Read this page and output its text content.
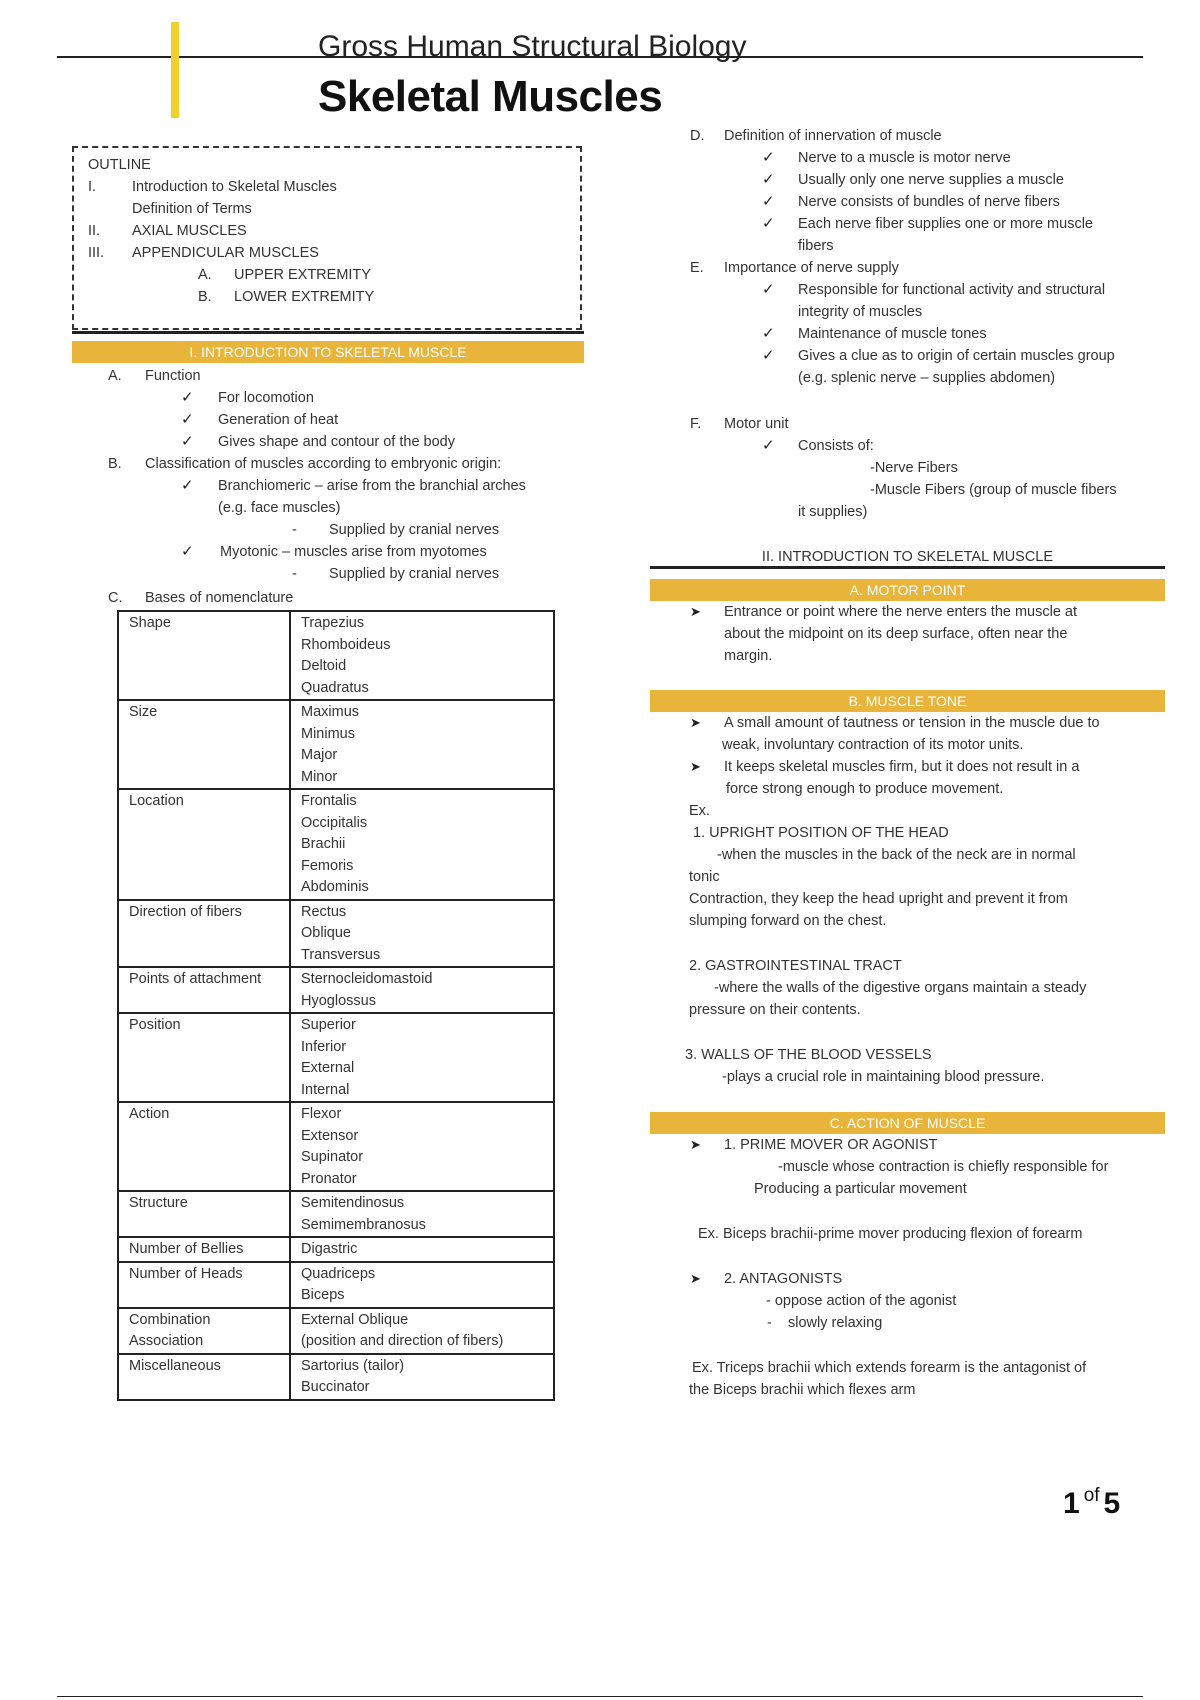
Gross Human Structural Biology
Skeletal Muscles
OUTLINE
I. Introduction to Skeletal Muscles
Definition of Terms
II. AXIAL MUSCLES
III. APPENDICULAR MUSCLES
A. UPPER EXTREMITY
B. LOWER EXTREMITY
I. INTRODUCTION TO SKELETAL MUSCLE
A. Function
✓ For locomotion
✓ Generation of heat
✓ Gives shape and contour of the body
B. Classification of muscles according to embryonic origin:
✓ Branchiomeric – arise from the branchial arches
(e.g. face muscles)
- Supplied by cranial nerves
✓ Myotonic – muscles arise from myotomes
- Supplied by cranial nerves
C. Bases of nomenclature
Shape	Trapezius
Rhomboideus
Deltoid
Quadratus

Size	Maximus
Minimus
Major
Minor

Location	Frontalis
Occipitalis
Brachii
Femoris
Abdominis

Direction of fibers	Rectus
Oblique
Transversus

Points of attachment	Sternocleidomastoid
Hyoglossus

Position	Superior
Inferior
External
Internal

Action	Flexor
Extensor
Supinator
Pronator

Structure	Semitendinosus
Semimembranosus

Number of Bellies	Digastric

Number of Heads	Quadriceps
Biceps

Combination Association	External Oblique
(position and direction of fibers)

Miscellaneous	Sartorius (tailor)
Buccinator
D. Definition of innervation of muscle
✓ Nerve to a muscle is motor nerve
✓ Usually only one nerve supplies a muscle
✓ Nerve consists of bundles of nerve fibers
✓ Each nerve fiber supplies one or more muscle
fibers
E. Importance of nerve supply
✓ Responsible for functional activity and structural
integrity of muscles
✓ Maintenance of muscle tones
✓ Gives a clue as to origin of certain muscles group
(e.g. splenic nerve – supplies abdomen)
F. Motor unit
✓ Consists of:
-Nerve Fibers
-Muscle Fibers (group of muscle fibers
it supplies)
II. INTRODUCTION TO SKELETAL MUSCLE
A. MOTOR POINT
➤ Entrance or point where the nerve enters the muscle at
about the midpoint on its deep surface, often near the
margin.
B. MUSCLE TONE
➤ A small amount of tautness or tension in the muscle due to
weak, involuntary contraction of its motor units.
➤ It keeps skeletal muscles firm, but it does not result in a
force strong enough to produce movement.
Ex.
1. UPRIGHT POSITION OF THE HEAD
-when the muscles in the back of the neck are in normal
tonic
Contraction, they keep the head upright and prevent it from
slumping forward on the chest.
2. GASTROINTESTINAL TRACT
-where the walls of the digestive organs maintain a steady
pressure on their contents.
3. WALLS OF THE BLOOD VESSELS
-plays a crucial role in maintaining blood pressure.
C. ACTION OF MUSCLE
➤ 1. PRIME MOVER OR AGONIST
-muscle whose contraction is chiefly responsible for
Producing a particular movement
Ex. Biceps brachii-prime mover producing flexion of forearm
➤ 2. ANTAGONISTS
- oppose action of the agonist
- slowly relaxing
Ex. Triceps brachii which extends forearm is the antagonist of
the Biceps brachii which flexes arm
1 $^{of}$ 5
